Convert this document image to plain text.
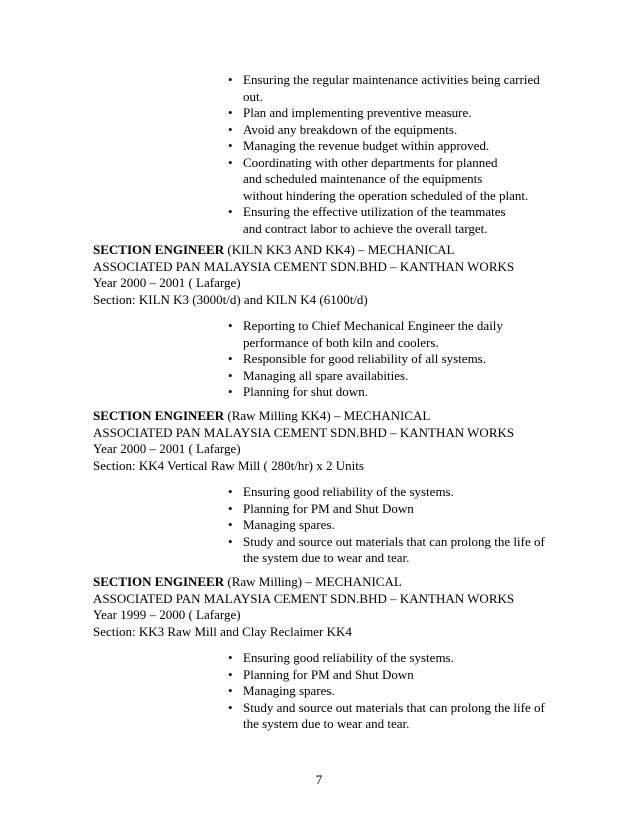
• Ensuring the regular maintenance activities being carried
out.
• Plan and implementing preventive measure.
• Avoid any breakdown of the equipments.
• Managing the revenue budget within approved.
• Coordinating with other departments for planned
and scheduled maintenance of the equipments
without hindering the operation scheduled of the plant.
• Ensuring the effective utilization of the teammates
and contract labor to achieve the overall target.
SECTION ENGINEER (KILN KK3 AND KK4) – MECHANICAL
ASSOCIATED PAN MALAYSIA CEMENT SDN.BHD – KANTHAN WORKS
Year 2000 – 2001 ( Lafarge)
Section: KILN K3 (3000t/d) and KILN K4 (6100t/d)
• Reporting to Chief Mechanical Engineer the daily
performance of both kiln and coolers.
• Responsible for good reliability of all systems.
• Managing all spare availabities.
• Planning for shut down.
SECTION ENGINEER (Raw Milling KK4) – MECHANICAL
ASSOCIATED PAN MALAYSIA CEMENT SDN.BHD – KANTHAN WORKS
Year 2000 – 2001 ( Lafarge)
Section: KK4 Vertical Raw Mill ( 280t/hr) x 2 Units
• Ensuring good reliability of the systems.
• Planning for PM and Shut Down
• Managing spares.
• Study and source out materials that can prolong the life of
the system due to wear and tear.
SECTION ENGINEER (Raw Milling) – MECHANICAL
ASSOCIATED PAN MALAYSIA CEMENT SDN.BHD – KANTHAN WORKS
Year 1999 – 2000 ( Lafarge)
Section: KK3 Raw Mill and Clay Reclaimer KK4
• Ensuring good reliability of the systems.
• Planning for PM and Shut Down
• Managing spares.
• Study and source out materials that can prolong the life of
the system due to wear and tear.
7
